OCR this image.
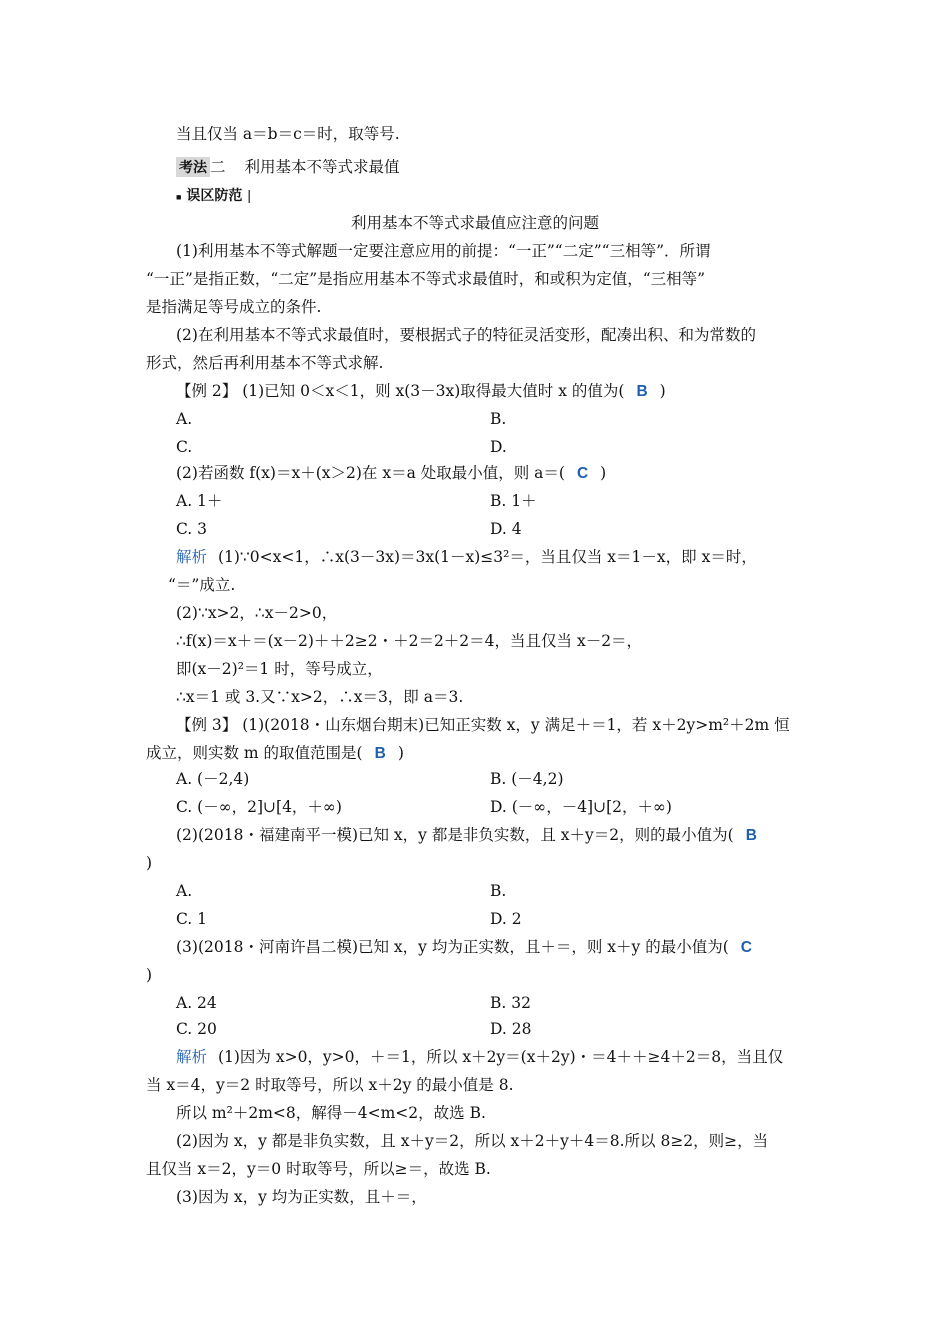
当且仅当 a＝b＝c＝时，取等号.
考法 二 利用基本不等式求最值
■ 误区防范 |
利用基本不等式求最值应注意的问题
(1)利用基本不等式解题一定要注意应用的前提：“一正”“二定”“三相等”．所谓
“一正”是指正数，“二定”是指应用基本不等式求最值时，和或积为定值，“三相等”
是指满足等号成立的条件.
(2)在利用基本不等式求最值时，要根据式子的特征灵活变形，配凑出积、和为常数的
形式，然后再利用基本不等式求解.
【例 2】 (1)已知 0＜x＜1，则 x(3－3x)取得最大值时 x 的值为( B )
A.	B.
C.	D.
(2)若函数 f(x)＝x＋(x＞2)在 x＝a 处取最小值，则 a＝( C )
A. 1＋	B. 1＋
C. 3	D. 4
解析 (1)∵0<x<1，∴x(3－3x)＝3x(1－x)≤3²＝，当且仅当 x＝1－x，即 x＝时，
“＝”成立.
(2)∵x>2，∴x－2>0，
∴f(x)＝x＋＝(x－2)＋＋2≥2・＋2＝2＋2＝4，当且仅当 x－2＝，
即(x－2)²＝1 时，等号成立，
∴x＝1 或 3.又∵x>2，∴x＝3，即 a＝3.
【例 3】 (1)(2018・山东烟台期末)已知正实数 x，y 满足＋＝1，若 x＋2y>m²＋2m 恒
成立，则实数 m 的取值范围是( B )
A. (－2,4)	B. (－4,2)
C. (－∞，2]∪[4，＋∞)	D. (－∞，－4]∪[2，＋∞)
(2)(2018・福建南平一模)已知 x，y 都是非负实数，且 x＋y＝2，则的最小值为( B
)
A.	B.
C. 1	D. 2
(3)(2018・河南许昌二模)已知 x，y 均为正实数，且＋＝，则 x＋y 的最小值为( C
)
A. 24	B. 32
C. 20	D. 28
解析 (1)因为 x>0，y>0，＋＝1，所以 x＋2y＝(x＋2y)・＝4＋＋≥4＋2＝8，当且仅
当 x＝4，y＝2 时取等号，所以 x＋2y 的最小值是 8.
所以 m²＋2m<8，解得－4<m<2，故选 B.
(2)因为 x，y 都是非负实数，且 x＋y＝2，所以 x＋2＋y＋4＝8.所以 8≥2，则≥，当
且仅当 x＝2，y＝0 时取等号，所以≥＝，故选 B.
(3)因为 x，y 均为正实数，且＋＝，
